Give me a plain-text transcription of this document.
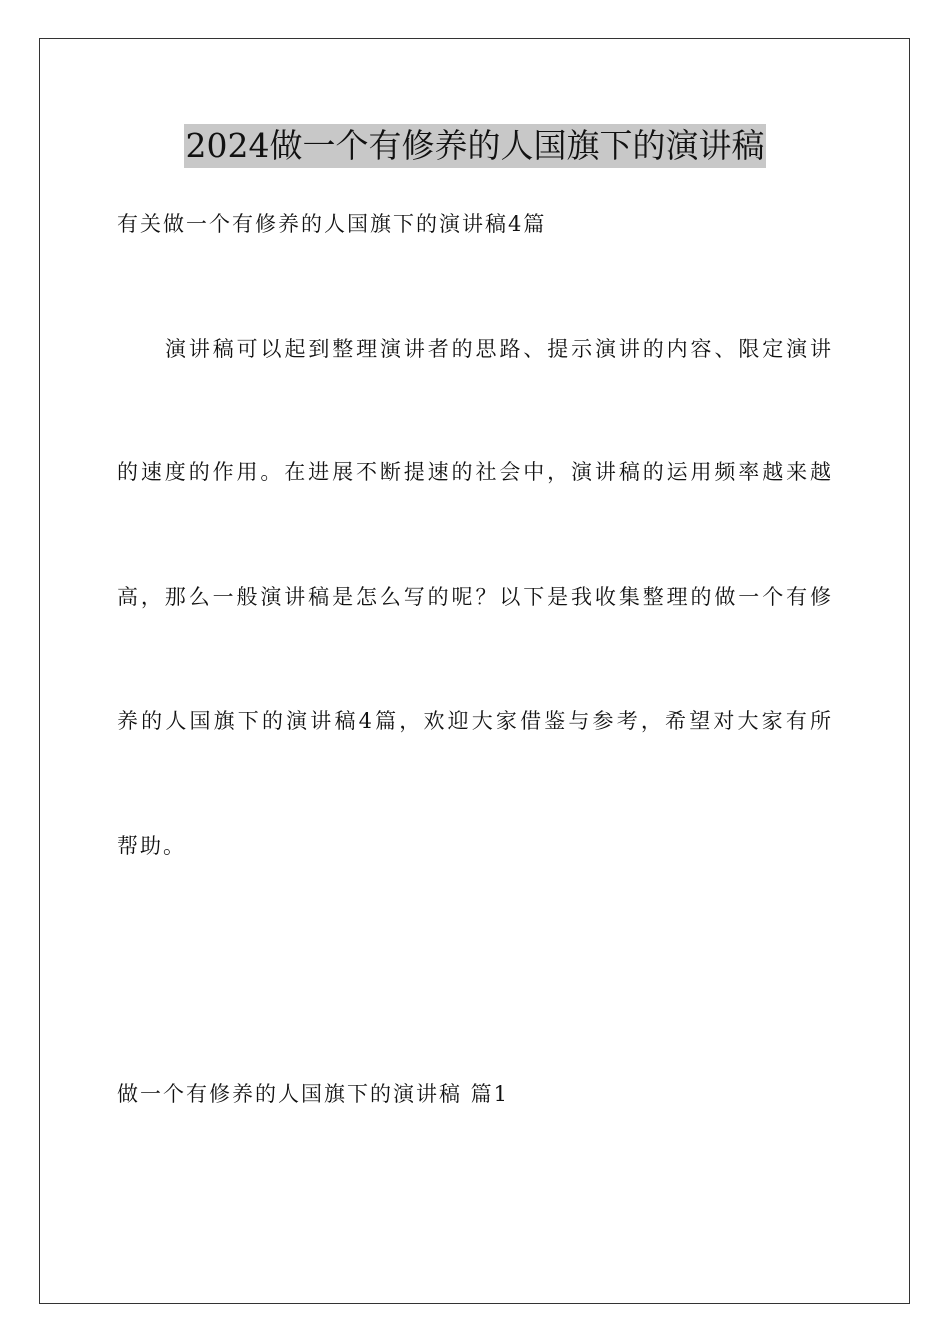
2024做一个有修养的人国旗下的演讲稿
有关做一个有修养的人国旗下的演讲稿4篇
演讲稿可以起到整理演讲者的思路、提示演讲的内容、限定演讲
的速度的作用。在进展不断提速的社会中，演讲稿的运用频率越来越
高，那么一般演讲稿是怎么写的呢？以下是我收集整理的做一个有修
养的人国旗下的演讲稿4篇，欢迎大家借鉴与参考，希望对大家有所
帮助。
做一个有修养的人国旗下的演讲稿 篇1
